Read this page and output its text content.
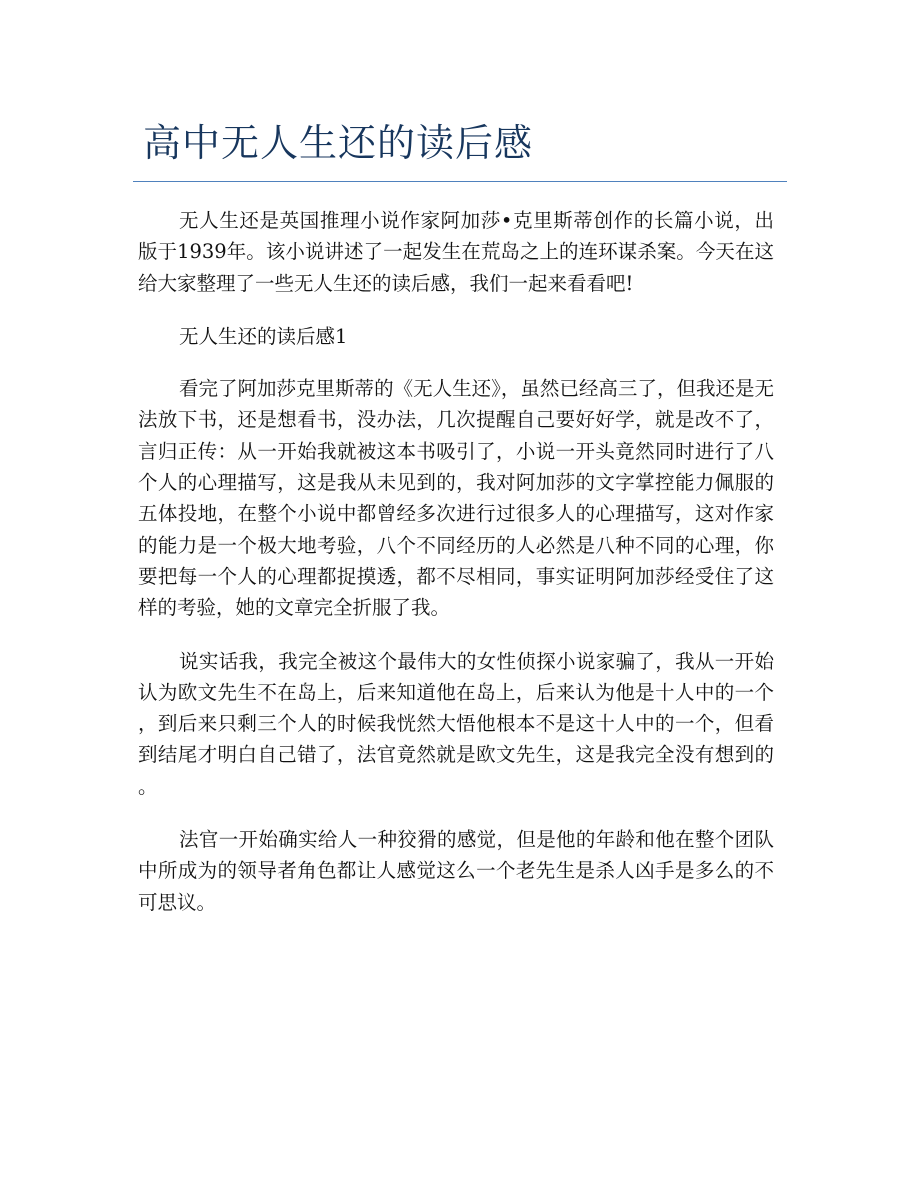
高中无人生还的读后感

无人生还是英国推理小说作家阿加莎•克里斯蒂创作的长篇小说，出版于1939年。该小说讲述了一起发生在荒岛之上的连环谋杀案。今天在这给大家整理了一些无人生还的读后感，我们一起来看看吧!

无人生还的读后感1

看完了阿加莎克里斯蒂的《无人生还》，虽然已经高三了，但我还是无法放下书，还是想看书，没办法，几次提醒自己要好好学，就是改不了，言归正传：从一开始我就被这本书吸引了，小说一开头竟然同时进行了八个人的心理描写，这是我从未见到的，我对阿加莎的文字掌控能力佩服的五体投地，在整个小说中都曾经多次进行过很多人的心理描写，这对作家的能力是一个极大地考验，八个不同经历的人必然是八种不同的心理，你要把每一个人的心理都捉摸透，都不尽相同，事实证明阿加莎经受住了这样的考验，她的文章完全折服了我。

说实话我，我完全被这个最伟大的女性侦探小说家骗了，我从一开始认为欧文先生不在岛上，后来知道他在岛上，后来认为他是十人中的一个，到后来只剩三个人的时候我恍然大悟他根本不是这十人中的一个，但看到结尾才明白自己错了，法官竟然就是欧文先生，这是我完全没有想到的。

法官一开始确实给人一种狡猾的感觉，但是他的年龄和他在整个团队中所成为的领导者角色都让人感觉这么一个老先生是杀人凶手是多么的不可思议。
